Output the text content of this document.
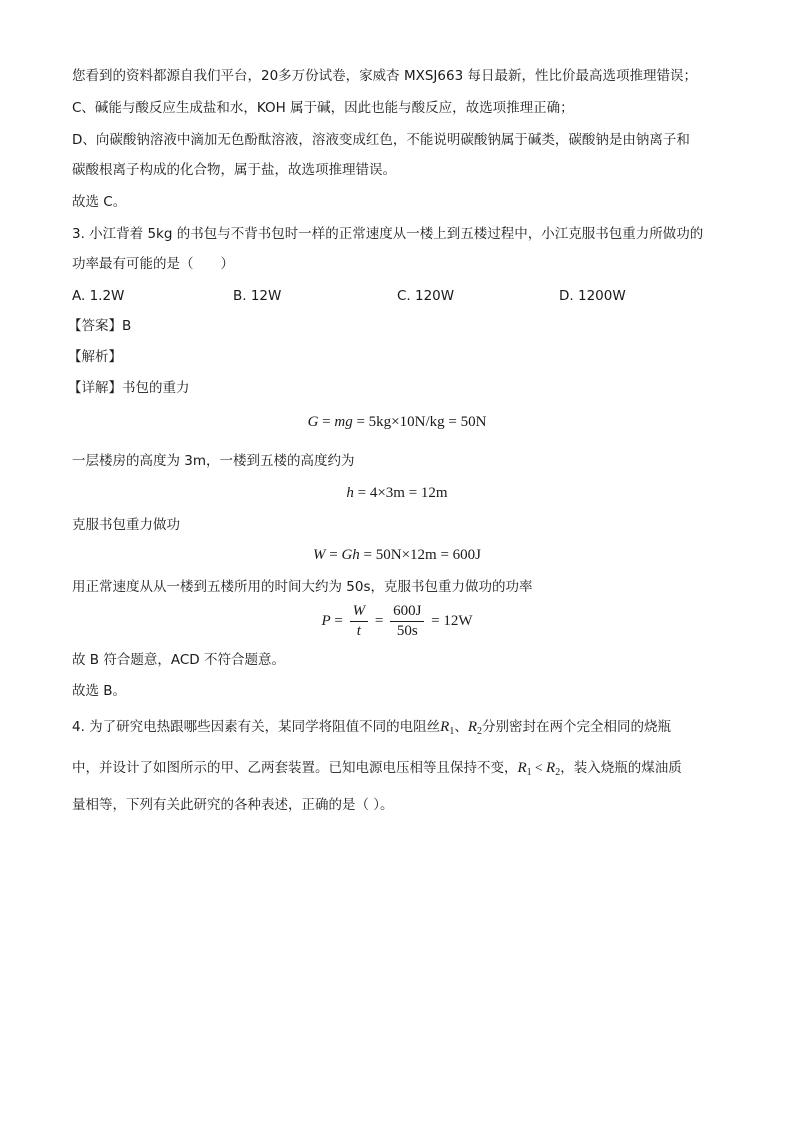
您看到的资料都源自我们平台，20多万份试卷，家威杏 MXSJ663 每日最新，性比价最高选项推理错误；
C、碱能与酸反应生成盐和水，KOH 属于碱，因此也能与酸反应，故选项推理正确；
D、向碳酸钠溶液中滴加无色酚酞溶液，溶液变成红色，不能说明碳酸钠属于碱类，碳酸钠是由钠离子和
碳酸根离子构成的化合物，属于盐，故选项推理错误。
故选 C。
3. 小江背着 5kg 的书包与不背书包时一样的正常速度从一楼上到五楼过程中，小江克服书包重力所做功的
功率最有可能的是（　　）
A. 1.2W	B. 12W	C. 120W	D. 1200W
【答案】B
【解析】
【详解】书包的重力
G = mg = 5kg×10N/kg = 50N
一层楼房的高度为 3m，一楼到五楼的高度约为
h = 4×3m = 12m
克服书包重力做功
W = Gh = 50N×12m = 600J
用正常速度从从一楼到五楼所用的时间大约为 50s，克服书包重力做功的功率
$P = \frac{W}{t} = \frac{600J}{50s} = 12W$
故 B 符合题意，ACD 不符合题意。
故选 B。
4. 为了研究电热跟哪些因素有关，某同学将阻值不同的电阻丝$R_1$、$R_2$分别密封在两个完全相同的烧瓶
中，并设计了如图所示的甲、乙两套装置。已知电源电压相等且保持不变，$R_1 < R_2$，装入烧瓶的煤油质
量相等，下列有关此研究的各种表述，正确的是（ ）。
